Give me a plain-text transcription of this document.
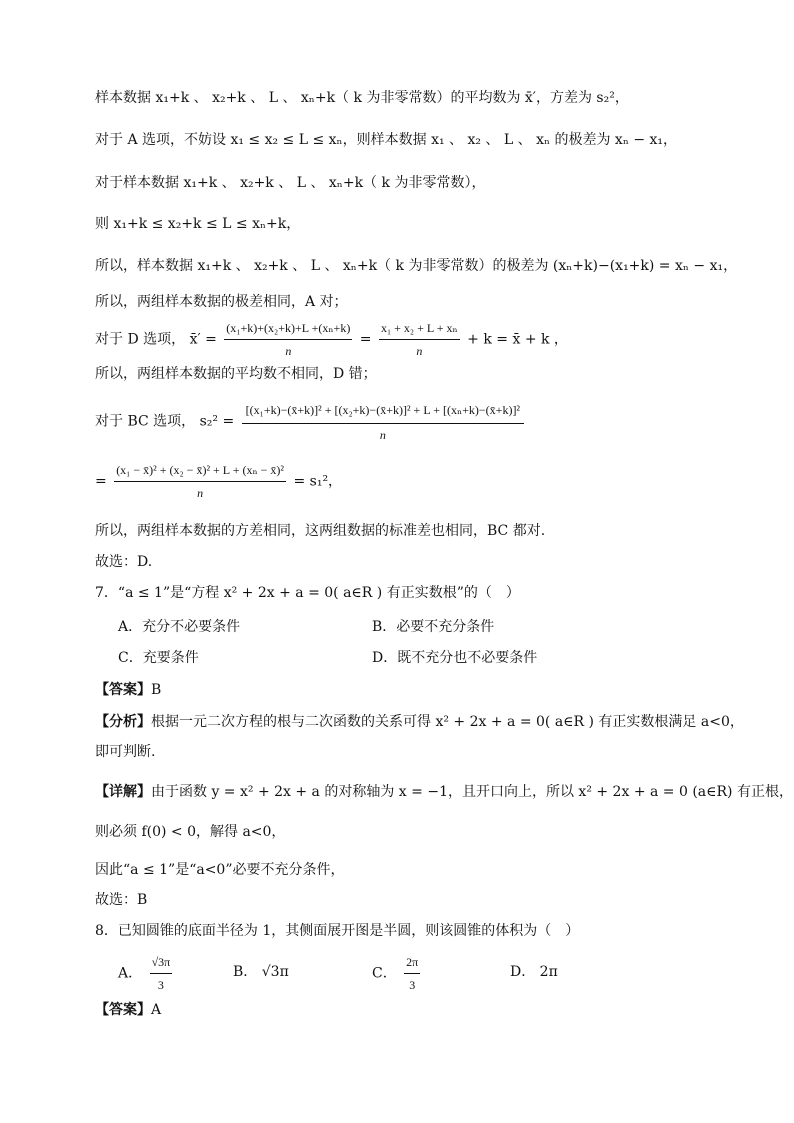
样本数据 x₁+k 、 x₂+k 、 L 、 xₙ+k（ k 为非零常数）的平均数为 x̄′，方差为 s₂²，
对于 A 选项，不妨设 x₁ ≤ x₂ ≤ L ≤ xₙ，则样本数据 x₁ 、 x₂ 、 L 、 xₙ 的极差为 xₙ − x₁，
对于样本数据 x₁+k 、 x₂+k 、 L 、 xₙ+k（ k 为非零常数），
则 x₁+k ≤ x₂+k ≤ L ≤ xₙ+k，
所以，样本数据 x₁+k 、 x₂+k 、 L 、 xₙ+k（ k 为非零常数）的极差为 (xₙ+k)−(x₁+k) = xₙ − x₁，
所以，两组样本数据的极差相同，A 对；
对于 D 选项， x̄′ = $\frac{\text{(x₁+k)+(x₂+k)+L +(xₙ+k)}}{n} = \frac{\text{x₁ + x₂ + L + xₙ}}{n} + k$ = x̄ + k ，
所以，两组样本数据的平均数不相同，D 错；
对于 BC 选项， $s_2^2 = \frac{\text{[(x₁+k)−(x̄+k)]² + [(x₂+k)−(x̄+k)]² + L + [(xₙ+k)−(x̄+k)]²}}{n}$
= $\frac{\text{(x₁ − x̄)² + (x₂ − x̄)² + L + (xₙ − x̄)²}}{n} = s_1^2$，
所以，两组样本数据的方差相同，这两组数据的标准差也相同，BC 都对.
故选：D.
7．“a ≤ 1”是“方程 x² + 2x + a = 0( a∈R ) 有正实数根”的（　）
A．充分不必要条件	B．必要不充分条件
C．充要条件	D．既不充分也不必要条件
【答案】B
【分析】根据一元二次方程的根与二次函数的关系可得 x² + 2x + a = 0( a∈R ) 有正实数根满足 a<0，
即可判断.
【详解】由于函数 y = x² + 2x + a 的对称轴为 x = −1，且开口向上，所以 x² + 2x + a = 0 (a∈R) 有正根，
则必须 f(0) < 0，解得 a<0，
因此“a ≤ 1”是“a<0”必要不充分条件，
故选：B
8．已知圆锥的底面半径为 1，其侧面展开图是半圆，则该圆锥的体积为（　）
A． $\frac{√3\pi}{3}$	B． √3π	C． $\frac{2\pi}{3}$	D． 2π
【答案】A
